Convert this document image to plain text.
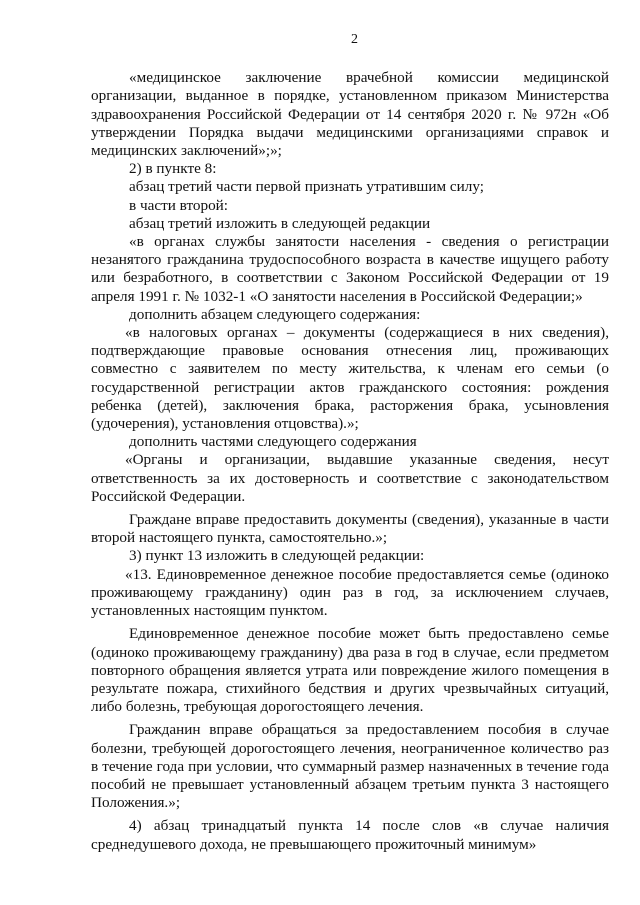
2

«медицинское заключение врачебной комиссии медицинской организации, выданное в порядке, установленном приказом Министерства здравоохранения Российской Федерации от 14 сентября 2020 г. № 972н «Об утверждении Порядка выдачи медицинскими организациями справок и медицинских заключений»;»;

2) в пункте 8:

абзац третий части первой признать утратившим силу;

в части второй:

абзац третий изложить в следующей редакции

«в органах службы занятости населения - сведения о регистрации незанятого гражданина трудоспособного возраста в качестве ищущего работу или безработного, в соответствии с Законом Российской Федерации от 19 апреля 1991 г. № 1032-1 «О занятости населения в Российской Федерации;»

дополнить абзацем следующего содержания:

«в налоговых органах – документы (содержащиеся в них сведения), подтверждающие правовые основания отнесения лиц, проживающих совместно с заявителем по месту жительства, к членам его семьи (о государственной регистрации актов гражданского состояния: рождения ребенка (детей), заключения брака, расторжения брака, усыновления (удочерения), установления отцовства).»;

дополнить частями следующего содержания

«Органы и организации, выдавшие указанные сведения, несут ответственность за их достоверность и соответствие с законодательством Российской Федерации.

Граждане вправе предоставить документы (сведения), указанные в части второй настоящего пункта, самостоятельно.»;

3) пункт 13 изложить в следующей редакции:

«13. Единовременное денежное пособие предоставляется семье (одиноко проживающему гражданину) один раз в год, за исключением случаев, установленных настоящим пунктом.

Единовременное денежное пособие может быть предоставлено семье (одиноко проживающему гражданину) два раза в год в случае, если предметом повторного обращения является утрата или повреждение жилого помещения в результате пожара, стихийного бедствия и других чрезвычайных ситуаций, либо болезнь, требующая дорогостоящего лечения.

Гражданин вправе обращаться за предоставлением пособия в случае болезни, требующей дорогостоящего лечения, неограниченное количество раз в течение года при условии, что суммарный размер назначенных в течение года пособий не превышает установленный абзацем третьим пункта 3 настоящего Положения.»;

4) абзац тринадцатый пункта 14 после слов «в случае наличия среднедушевого дохода, не превышающего прожиточный минимум»
